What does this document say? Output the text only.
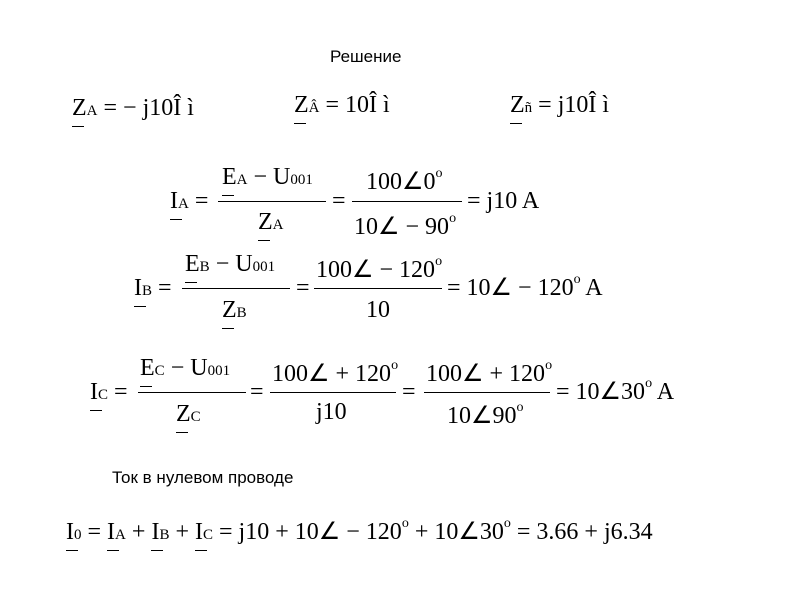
Решение
ZA = − j10Î ì	ZÂ = 10Î ì	Zñ = j10Î ì
IA =
EA − U001
ZA
=
$100\angle 0^o$
10∠ − $90^o$
= j10 A
IB =
EB − U001
ZB
=
100∠ − $120^o$
10
= 10∠ − $120^o$ A
IC =
EC − U001
ZC
=
100∠ + $120^o$
j10
=
100∠ + $120^o$
$10\angle 90^o$
= $10\angle 30^o$ A
Ток в нулевом проводе
I0 = IA + IB + IC = j10 + 10∠ − $120^o$ + $10\angle 30^o = 3.66 + j6.34$
